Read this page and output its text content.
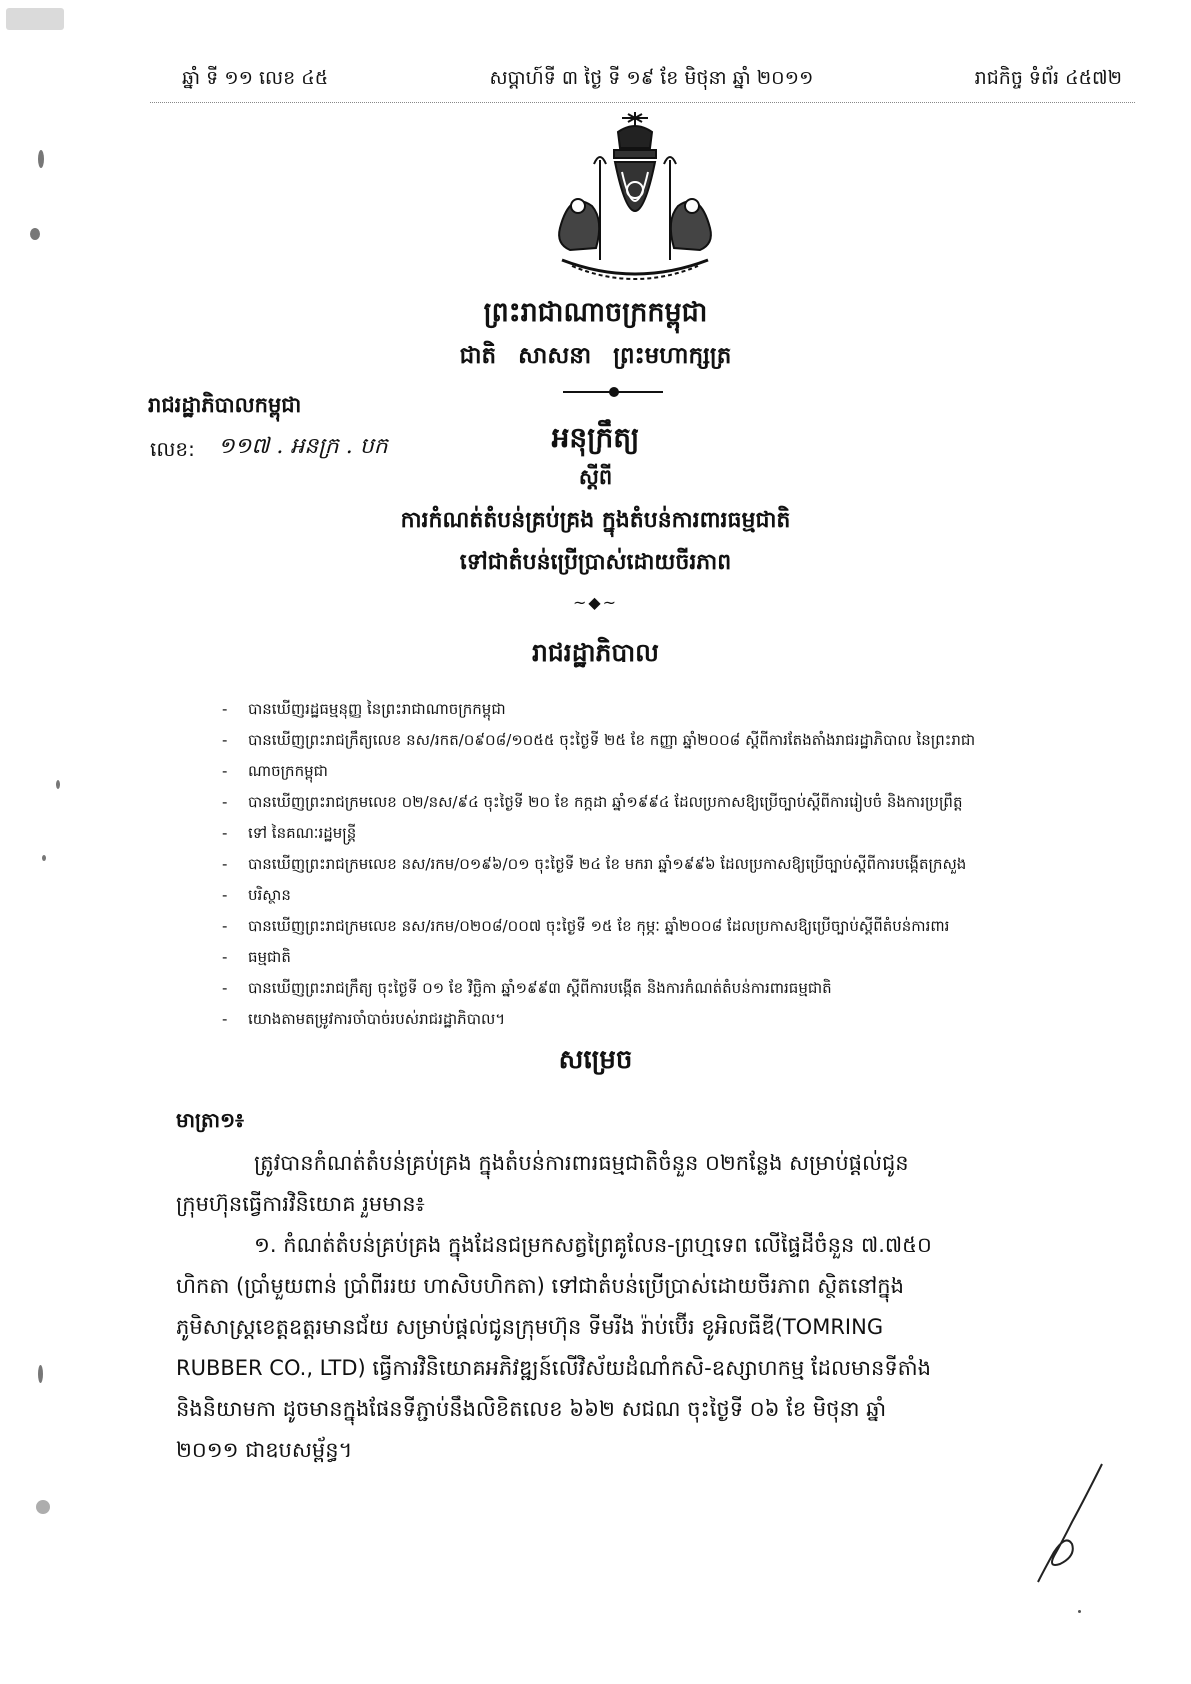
ឆ្នាំ ទី ១១ លេខ ៤៥	សប្តាហ៍ទី ៣ ថ្ងៃ ទី ១៩ ខែ មិថុនា ឆ្នាំ ២០១១	រាជកិច្ច ទំព័រ ៤៥៧២
ព្រះរាជាណាចក្រកម្ពុជា
ជាតិ សាសនា ព្រះមហាក្សត្រ
រាជរដ្ឋាភិបាលកម្ពុជា
លេខ: ១១៧ . អនក្រ . បក	អនុក្រឹត្យ
ស្តីពី
ការកំណត់តំបន់គ្រប់គ្រង ក្នុងតំបន់ការពារធម្មជាតិ
ទៅជាតំបន់ប្រើប្រាស់ដោយចីរភាព
~◆~
រាជរដ្ឋាភិបាល
- បានឃើញរដ្ឋធម្មនុញ្ញ នៃព្រះរាជាណាចក្រកម្ពុជា
- បានឃើញព្រះរាជក្រឹត្យលេខ នស/រកត/០៩០៨/១០៥៥ ចុះថ្ងៃទី ២៥ ខែ កញ្ញា ឆ្នាំ២០០៨ ស្តីពីការតែងតាំងរាជរដ្ឋាភិបាល នៃព្រះរាជា
- ណាចក្រកម្ពុជា
- បានឃើញព្រះរាជក្រមលេខ ០២/នស/៩៤ ចុះថ្ងៃទី ២០ ខែ កក្កដា ឆ្នាំ១៩៩៤ ដែលប្រកាសឱ្យប្រើច្បាប់ស្តីពីការរៀបចំ និងការប្រព្រឹត្ត
- ទៅ នៃគណៈរដ្ឋមន្ត្រី
- បានឃើញព្រះរាជក្រមលេខ នស/រកម/០១៩៦/០១ ចុះថ្ងៃទី ២៤ ខែ មករា ឆ្នាំ១៩៩៦ ដែលប្រកាសឱ្យប្រើច្បាប់ស្តីពីការបង្កើតក្រសួង
- បរិស្ថាន
- បានឃើញព្រះរាជក្រមលេខ នស/រកម/០២០៨/០០៧ ចុះថ្ងៃទី ១៥ ខែ កុម្ភៈ ឆ្នាំ២០០៨ ដែលប្រកាសឱ្យប្រើច្បាប់ស្តីពីតំបន់ការពារ
- ធម្មជាតិ
- បានឃើញព្រះរាជក្រឹត្យ ចុះថ្ងៃទី ០១ ខែ វិច្ឆិកា ឆ្នាំ១៩៩៣ ស្តីពីការបង្កើត និងការកំណត់តំបន់ការពារធម្មជាតិ
- យោងតាមតម្រូវការចាំបាច់របស់រាជរដ្ឋាភិបាល។
សម្រេច
មាត្រា១៖
ត្រូវបានកំណត់តំបន់គ្រប់គ្រង ក្នុងតំបន់ការពារធម្មជាតិចំនួន ០២កន្លែង សម្រាប់ផ្តល់ជូន
ក្រុមហ៊ុនធ្វើការវិនិយោគ រួមមាន៖
១. កំណត់តំបន់គ្រប់គ្រង ក្នុងដែនជម្រកសត្វព្រៃគូលែន-ព្រហ្មទេព លើផ្ទៃដីចំនួន ៧.៧៥០
ហិកតា (ប្រាំមួយពាន់ ប្រាំពីររយ ហាសិបហិកតា) ទៅជាតំបន់ប្រើប្រាស់ដោយចីរភាព ស្ថិតនៅក្នុង
ភូមិសាស្ត្រខេត្តឧត្តរមានជ័យ សម្រាប់ផ្តល់ជូនក្រុមហ៊ុន ទីមរីង រ៉ាប់ប៊ើរ ខូអិលធីឌី(TOMRING
RUBBER CO., LTD) ធ្វើការវិនិយោគអភិវឌ្ឍន៍លើវិស័យដំណាំកសិ-ឧស្សាហកម្ម ដែលមានទីតាំង
និងនិយាមកា ដូចមានក្នុងផែនទីភ្ជាប់នឹងលិខិតលេខ ៦៦២ សជណ ចុះថ្ងៃទី ០៦ ខែ មិថុនា ឆ្នាំ
២០១១ ជាឧបសម្ព័ន្ធ។
